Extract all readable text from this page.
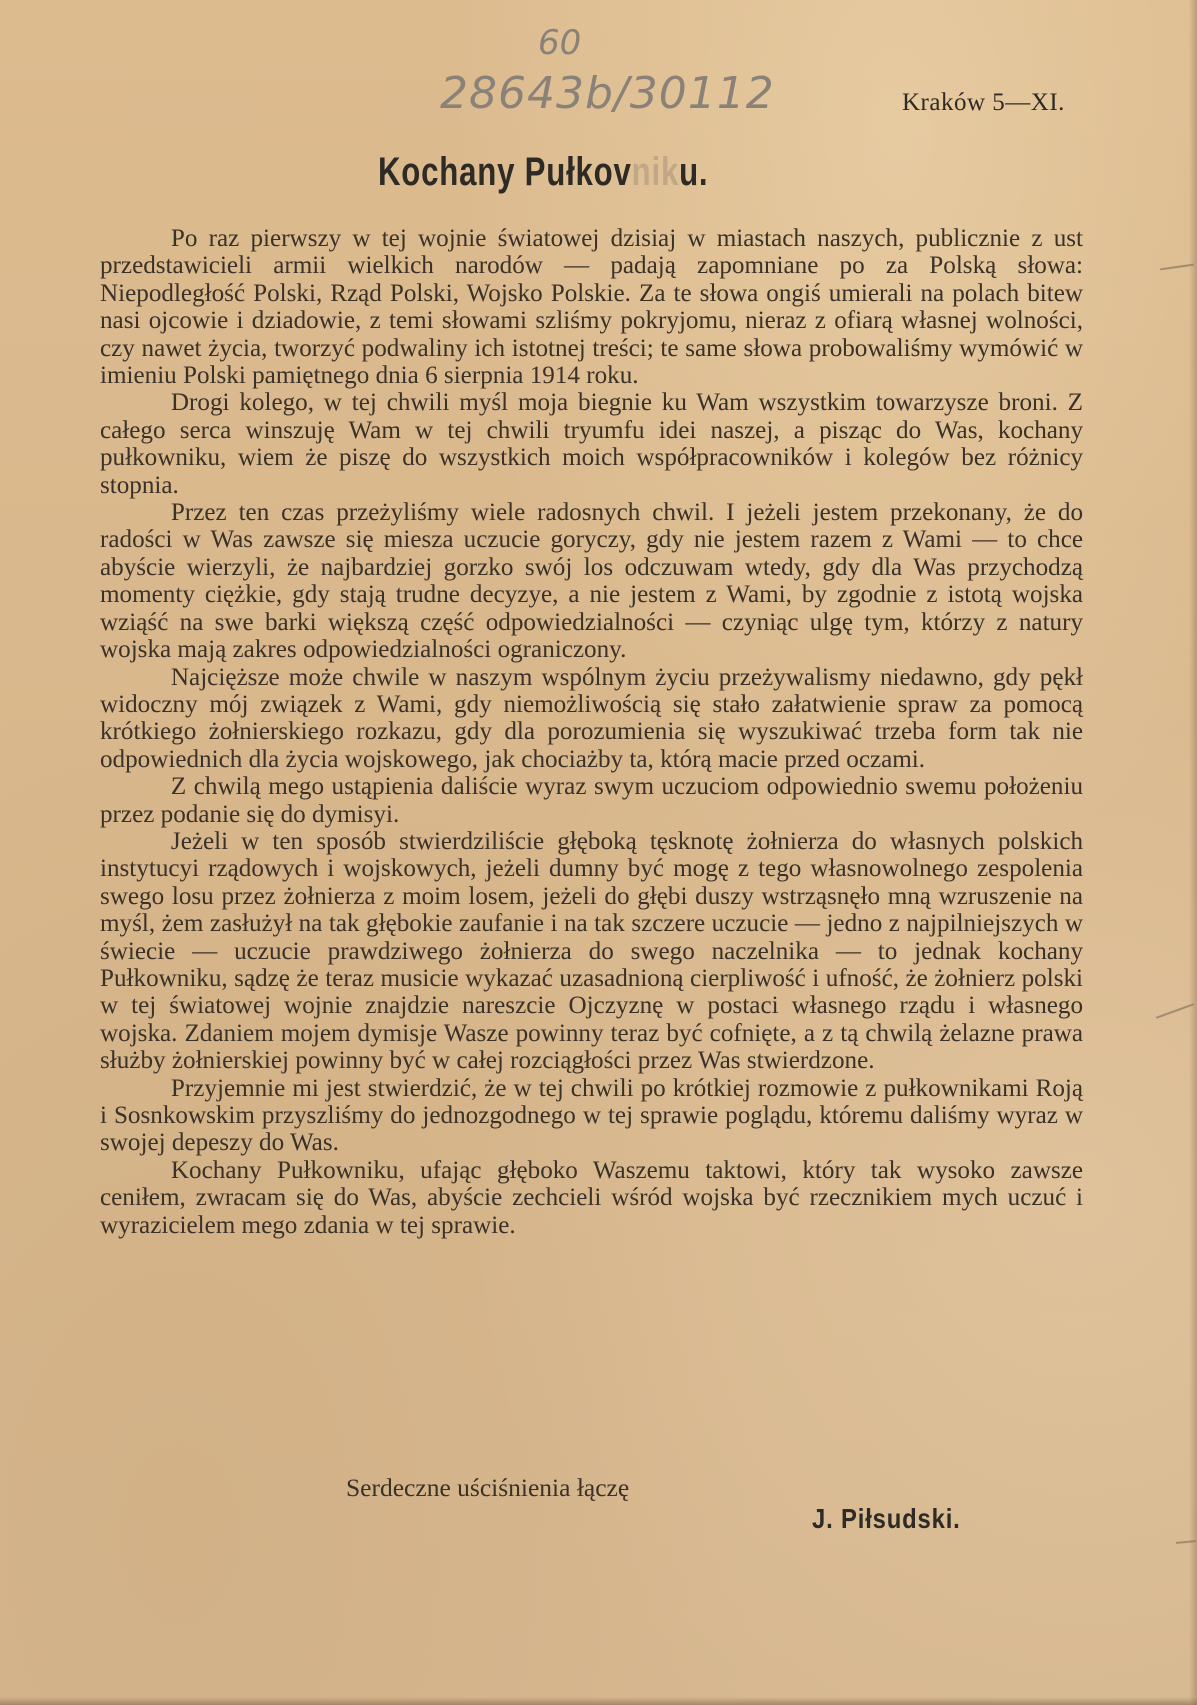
60
28643b/30112	Kraków 5—XI.
Kochany Pułkovniku.

Po raz pierwszy w tej wojnie światowej dzisiaj w miastach naszych, publicznie z ust przedstawicieli armii wielkich narodów — padają zapomniane po za Polską słowa: Niepodległość Polski, Rząd Polski, Wojsko Polskie. Za te słowa ongiś umierali na polach bitew nasi ojcowie i dziadowie, z temi słowami szliśmy pokryjomu, nieraz z ofiarą własnej wolności, czy nawet życia, tworzyć podwaliny ich istotnej treści; te same słowa probowaliśmy wymówić w imieniu Polski pamiętnego dnia 6 sierpnia 1914 roku.

Drogi kolego, w tej chwili myśl moja biegnie ku Wam wszystkim towarzysze broni. Z całego serca winszuję Wam w tej chwili tryumfu idei naszej, a pisząc do Was, kochany pułkowniku, wiem że piszę do wszystkich moich współpracowników i kolegów bez różnicy stopnia.

Przez ten czas przeżyliśmy wiele radosnych chwil. I jeżeli jestem przekonany, że do radości w Was zawsze się miesza uczucie goryczy, gdy nie jestem razem z Wami — to chce abyście wierzyli, że najbardziej gorzko swój los odczuwam wtedy, gdy dla Was przychodzą momenty ciężkie, gdy stają trudne decyzye, a nie jestem z Wami, by zgodnie z istotą wojska wziąść na swe barki większą część odpowiedzialności — czyniąc ulgę tym, którzy z natury wojska mają zakres odpowiedzialności ograniczony.

Najcięższe może chwile w naszym wspólnym życiu przeżywalismy niedawno, gdy pękł widoczny mój związek z Wami, gdy niemożliwością się stało załatwienie spraw za pomocą krótkiego żołnierskiego rozkazu, gdy dla porozumienia się wyszukiwać trzeba form tak nie odpowiednich dla życia wojskowego, jak chociażby ta, którą macie przed oczami.

Z chwilą mego ustąpienia daliście wyraz swym uczuciom odpowiednio swemu położeniu przez podanie się do dymisyi.

Jeżeli w ten sposób stwierdziliście głęboką tęsknotę żołnierza do własnych polskich instytucyi rządowych i wojskowych, jeżeli dumny być mogę z tego własnowolnego zespolenia swego losu przez żołnierza z moim losem, jeżeli do głębi duszy wstrząsnęło mną wzruszenie na myśl, żem zasłużył na tak głębokie zaufanie i na tak szczere uczucie — jedno z najpilniejszych w świecie — uczucie prawdziwego żołnierza do swego naczelnika — to jednak kochany Pułkowniku, sądzę że teraz musicie wykazać uzasadnioną cierpliwość i ufność, że żołnierz polski w tej światowej wojnie znajdzie nareszcie Ojczyznę w postaci własnego rządu i własnego wojska. Zdaniem mojem dymisje Wasze powinny teraz być cofnięte, a z tą chwilą żelazne prawa służby żołnierskiej powinny być w całej rozciągłości przez Was stwierdzone.

Przyjemnie mi jest stwierdzić, że w tej chwili po krótkiej rozmowie z pułkownikami Roją i Sosnkowskim przyszliśmy do jednozgodnego w tej sprawie poglądu, któremu daliśmy wyraz w swojej depeszy do Was.

Kochany Pułkowniku, ufając głęboko Waszemu taktowi, który tak wysoko zawsze ceniłem, zwracam się do Was, abyście zechcieli wśród wojska być rzecznikiem mych uczuć i wyrazicielem mego zdania w tej sprawie.

Serdeczne uściśnienia łączę
J. Piłsudski.
